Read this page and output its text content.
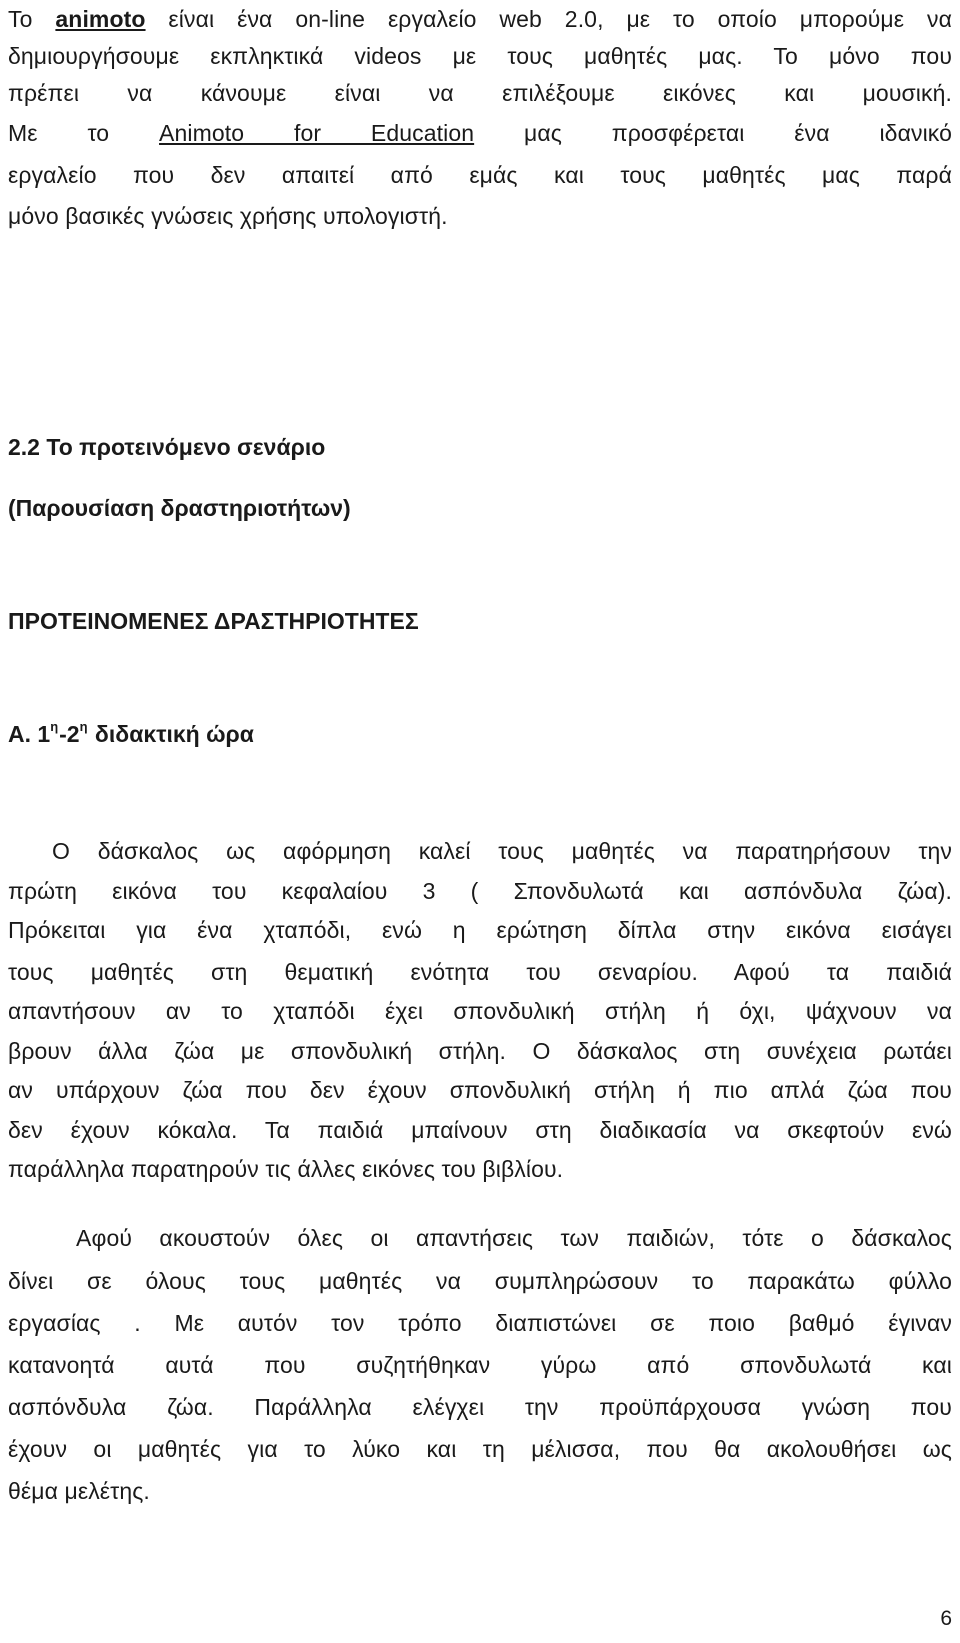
Το animoto είναι ένα on-line εργαλείο web 2.0, με το οποίο μπορούμε να
δημιουργήσουμε εκπληκτικά videos με τους μαθητές μας. Το μόνο που
πρέπει να κάνουμε είναι να επιλέξουμε εικόνες και μουσική.
Με το Animoto for Education μας προσφέρεται ένα ιδανικό
εργαλείο που δεν απαιτεί από εμάς και τους μαθητές μας παρά
μόνο βασικές γνώσεις χρήσης υπολογιστή.
2.2 Το προτεινόμενο σενάριο
(Παρουσίαση δραστηριοτήτων)
ΠΡΟΤΕΙΝΟΜΕΝΕΣ ΔΡΑΣΤΗΡΙΟΤΗΤΕΣ
Α. $1^\eta-2^\eta$ διδακτική ώρα
Ο δάσκαλος ως αφόρμηση καλεί τους μαθητές να παρατηρήσουν την
πρώτη εικόνα του κεφαλαίου 3 ( Σπονδυλωτά και ασπόνδυλα ζώα).
Πρόκειται για ένα χταπόδι, ενώ η ερώτηση δίπλα στην εικόνα εισάγει
τους μαθητές στη θεματική ενότητα του σεναρίου. Αφού τα παιδιά
απαντήσουν αν το χταπόδι έχει σπονδυλική στήλη ή όχι, ψάχνουν να
βρουν άλλα ζώα με σπονδυλική στήλη. Ο δάσκαλος στη συνέχεια ρωτάει
αν υπάρχουν ζώα που δεν έχουν σπονδυλική στήλη ή πιο απλά ζώα που
δεν έχουν κόκαλα. Τα παιδιά μπαίνουν στη διαδικασία να σκεφτούν ενώ
παράλληλα παρατηρούν τις άλλες εικόνες του βιβλίου.
Αφού ακουστούν όλες οι απαντήσεις των παιδιών, τότε ο δάσκαλος
δίνει σε όλους τους μαθητές να συμπληρώσουν το παρακάτω φύλλο
εργασίας . Με αυτόν τον τρόπο διαπιστώνει σε ποιο βαθμό έγιναν
κατανοητά αυτά που συζητήθηκαν γύρω από σπονδυλωτά και
ασπόνδυλα ζώα. Παράλληλα ελέγχει την προϋπάρχουσα γνώση που
έχουν οι μαθητές για το λύκο και τη μέλισσα, που θα ακολουθήσει ως
θέμα μελέτης.
6
